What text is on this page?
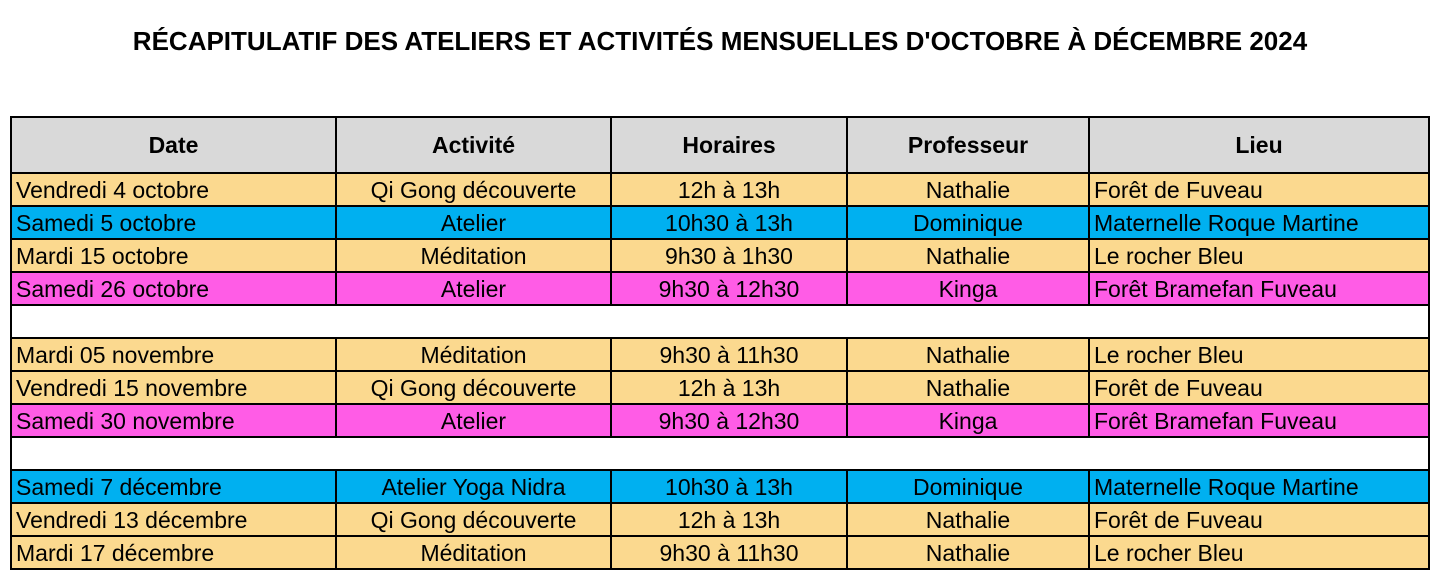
RÉCAPITULATIF DES ATELIERS ET ACTIVITÉS MENSUELLES D'OCTOBRE À DÉCEMBRE 2024
Date	Activité	Horaires	Professeur	Lieu
Vendredi 4 octobre	Qi Gong découverte	12h à 13h	Nathalie	Forêt de Fuveau
Samedi 5 octobre	Atelier	10h30 à 13h	Dominique	Maternelle Roque Martine
Mardi 15 octobre	Méditation	9h30 à 1h30	Nathalie	Le rocher Bleu
Samedi 26 octobre	Atelier	9h30 à 12h30	Kinga	Forêt Bramefan Fuveau

Mardi 05 novembre	Méditation	9h30 à 11h30	Nathalie	Le rocher Bleu
Vendredi 15 novembre	Qi Gong découverte	12h à 13h	Nathalie	Forêt de Fuveau
Samedi 30 novembre	Atelier	9h30 à 12h30	Kinga	Forêt Bramefan Fuveau

Samedi 7 décembre	Atelier Yoga Nidra	10h30 à 13h	Dominique	Maternelle Roque Martine
Vendredi 13 décembre	Qi Gong découverte	12h à 13h	Nathalie	Forêt de Fuveau
Mardi 17 décembre	Méditation	9h30 à 11h30	Nathalie	Le rocher Bleu
